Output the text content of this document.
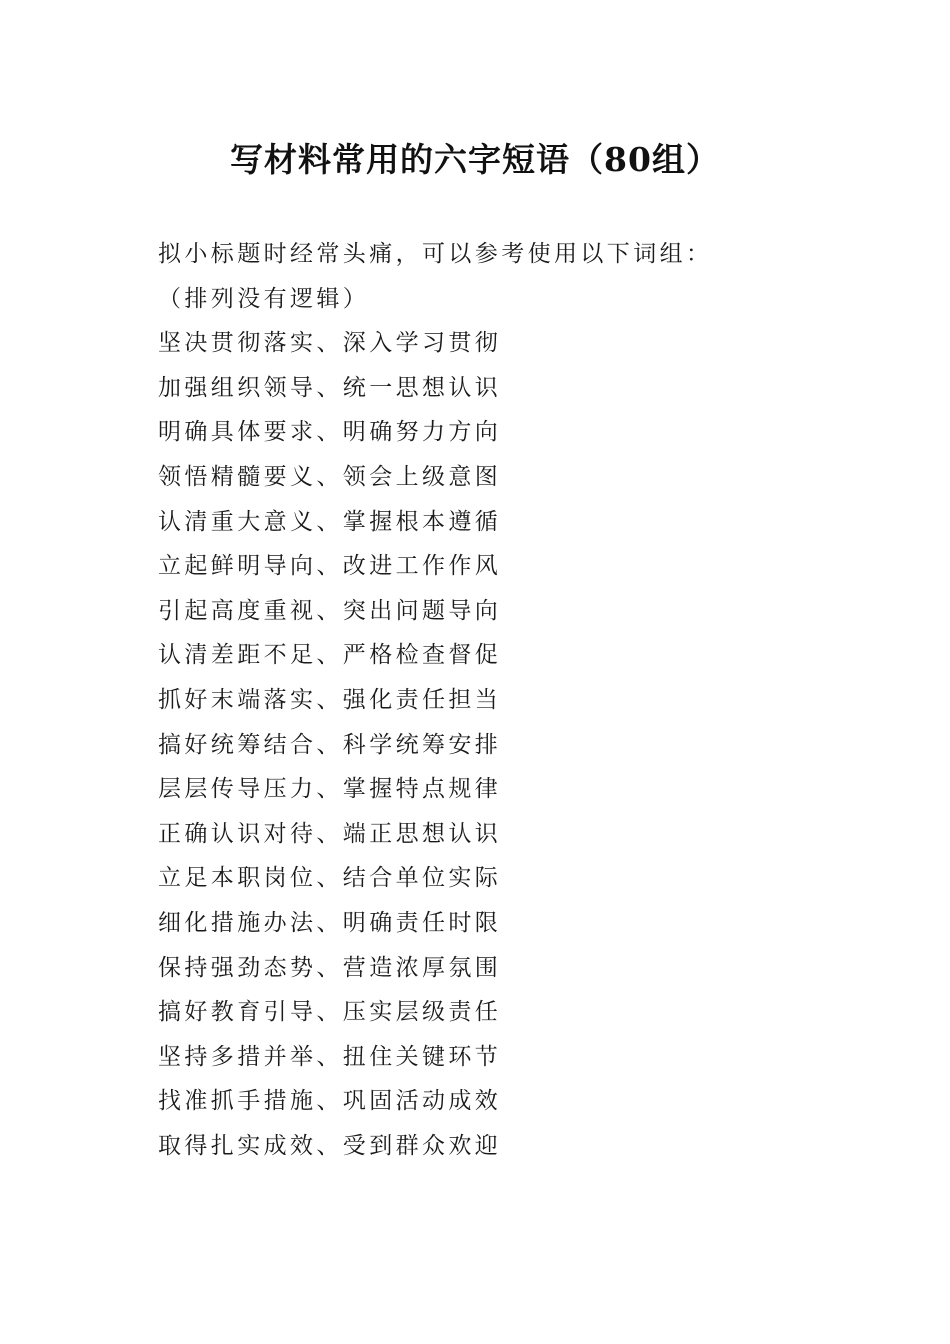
写材料常用的六字短语（80组）
拟小标题时经常头痛，可以参考使用以下词组：
（排列没有逻辑）
坚决贯彻落实、深入学习贯彻
加强组织领导、统一思想认识
明确具体要求、明确努力方向
领悟精髓要义、领会上级意图
认清重大意义、掌握根本遵循
立起鲜明导向、改进工作作风
引起高度重视、突出问题导向
认清差距不足、严格检查督促
抓好末端落实、强化责任担当
搞好统筹结合、科学统筹安排
层层传导压力、掌握特点规律
正确认识对待、端正思想认识
立足本职岗位、结合单位实际
细化措施办法、明确责任时限
保持强劲态势、营造浓厚氛围
搞好教育引导、压实层级责任
坚持多措并举、扭住关键环节
找准抓手措施、巩固活动成效
取得扎实成效、受到群众欢迎
